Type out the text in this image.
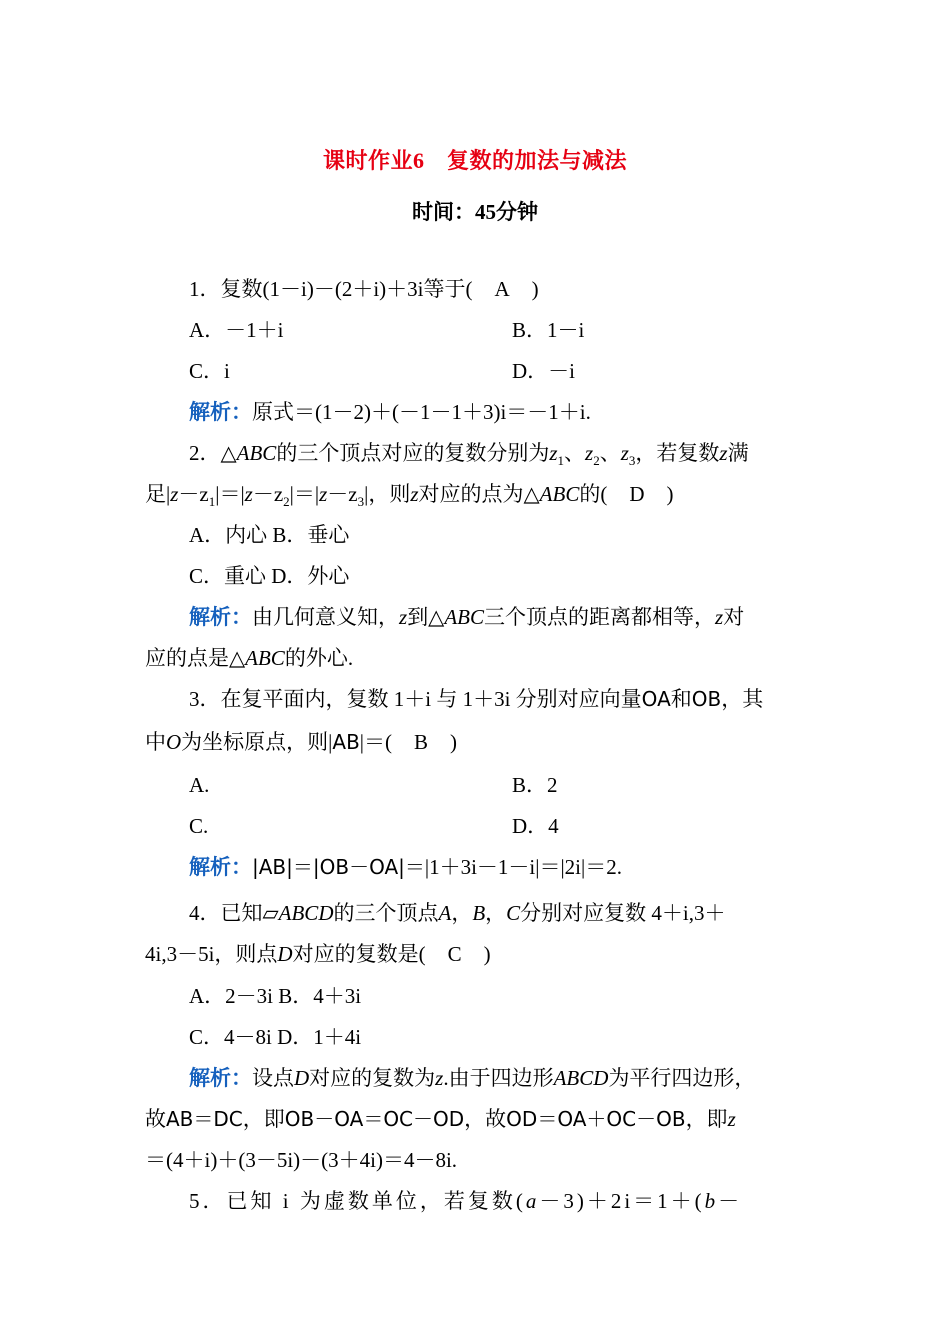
课时作业6　复数的加法与减法
时间：45分钟
1．复数(1－i)－(2＋i)＋3i等于( A )
A．－1＋i	B．1－i
C．i	D．－i
解析：原式＝(1－2)＋(－1－1＋3)i＝－1＋i.
2．△ABC的三个顶点对应的复数分别为$z_1$、$z_2$、$z_3$，若复数z满
足$|z-z_1|=|z-z_2|=|z-z_3|$，则z对应的点为△ABC的( D )
A．内心 B．垂心
C．重心 D．外心
解析：由几何意义知，z到△ABC三个顶点的距离都相等，z对
应的点是△ABC的外心.
3．在复平面内，复数 1＋i 与 1＋3i 分别对应向量OA和OB，其
中O为坐标原点，则|AB|＝( B )
A.	B．2
C.	D．4
解析：|AB|＝|OB－OA|＝|1＋3i－1－i|＝|2i|＝2.
4．已知▱ABCD的三个顶点A，B，C分别对应复数 4＋i,3＋
4i,3－5i，则点D对应的复数是( C )
A．2－3i B．4＋3i
C．4－8i D．1＋4i
解析：设点D对应的复数为z.由于四边形ABCD为平行四边形，
故AB＝DC，即OB－OA＝OC－OD，故OD＝OA＋OC－OB，即z
＝(4＋i)＋(3－5i)－(3＋4i)＝4－8i.
5．已知 i 为虚数单位，若复数(a－3)＋2i＝1＋(b－
